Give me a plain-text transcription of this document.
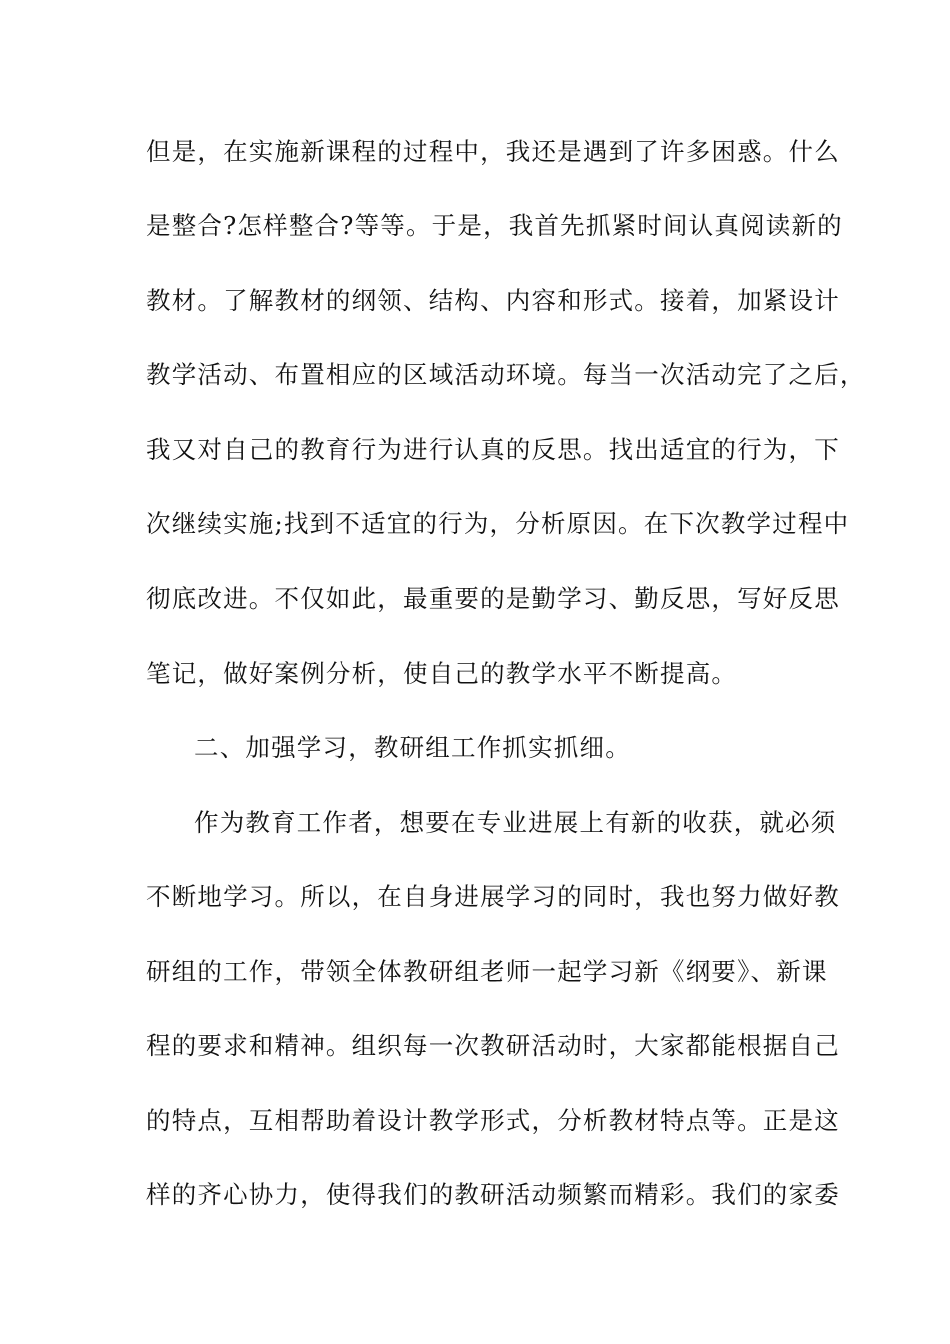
但是，在实施新课程的过程中，我还是遇到了许多困惑。什么
是整合?怎样整合?等等。于是，我首先抓紧时间认真阅读新的
教材。了解教材的纲领、结构、内容和形式。接着，加紧设计
教学活动、布置相应的区域活动环境。每当一次活动完了之后，
我又对自己的教育行为进行认真的反思。找出适宜的行为，下
次继续实施;找到不适宜的行为，分析原因。在下次教学过程中
彻底改进。不仅如此，最重要的是勤学习、勤反思，写好反思
笔记，做好案例分析，使自己的教学水平不断提高。
二、加强学习，教研组工作抓实抓细。
作为教育工作者，想要在专业进展上有新的收获，就必须
不断地学习。所以，在自身进展学习的同时，我也努力做好教
研组的工作，带领全体教研组老师一起学习新《纲要》、新课
程的要求和精神。组织每一次教研活动时，大家都能根据自己
的特点，互相帮助着设计教学形式，分析教材特点等。正是这
样的齐心协力，使得我们的教研活动频繁而精彩。我们的家委
